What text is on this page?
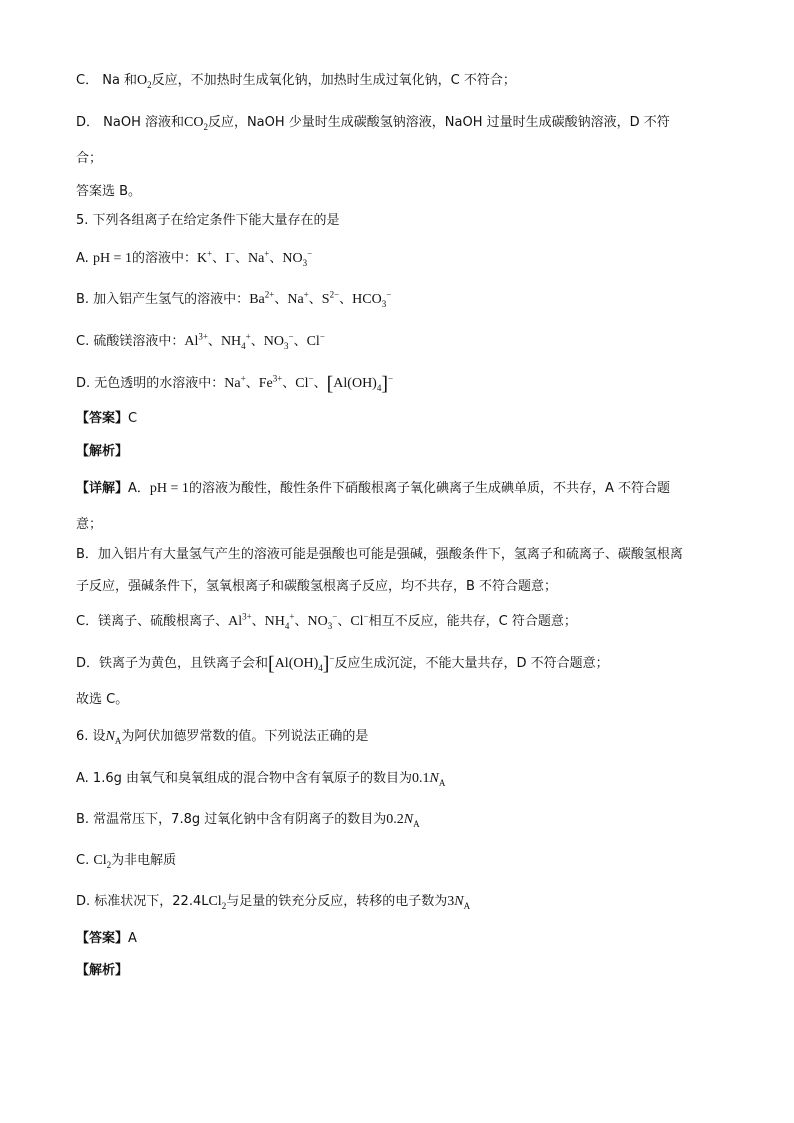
C． Na 和$O_2$反应，不加热时生成氧化钠，加热时生成过氧化钠，C 不符合；
D． NaOH 溶液和$CO_2$反应，NaOH 少量时生成碳酸氢钠溶液，NaOH 过量时生成碳酸钠溶液，D 不符
合；
答案选 B。
5. 下列各组离子在给定条件下能大量存在的是
A. pH = 1的溶液中：K+、I−、Na+、$NO_3^-$
B. 加入铝产生氢气的溶液中：$Ba^{2+}$、Na+、$S^{2-}$、$HCO_3^-$
C. 硫酸镁溶液中：$Al^{3+}$、$NH_4^+$、$NO_3^-$、Cl−
D. 无色透明的水溶液中：Na+、$Fe^{3+}$、Cl−、$[Al(OH)_4]^-$
【答案】C
【解析】
【详解】A．pH = 1的溶液为酸性，酸性条件下硝酸根离子氧化碘离子生成碘单质，不共存，A 不符合题
意；
B．加入铝片有大量氢气产生的溶液可能是强酸也可能是强碱，强酸条件下，氢离子和硫离子、碳酸氢根离
子反应，强碱条件下，氢氧根离子和碳酸氢根离子反应，均不共存，B 不符合题意；
C．镁离子、硫酸根离子、$Al^{3+}$、$NH_4^+$、$NO_3^-$、Cl−相互不反应，能共存，C 符合题意；
D．铁离子为黄色，且铁离子会和$[Al(OH)_4]^-$反应生成沉淀，不能大量共存，D 不符合题意；
故选 C。
6. 设$N_A$为阿伏加德罗常数的值。下列说法正确的是
A. 1.6g 由氧气和臭氧组成的混合物中含有氧原子的数目为$0.1N_A$
B. 常温常压下，7.8g 过氧化钠中含有阴离子的数目为$0.2N_A$
C. $Cl_2$为非电解质
D. 标准状况下，22.4LCl$_2$与足量的铁充分反应，转移的电子数为$3N_A$
【答案】A
【解析】
